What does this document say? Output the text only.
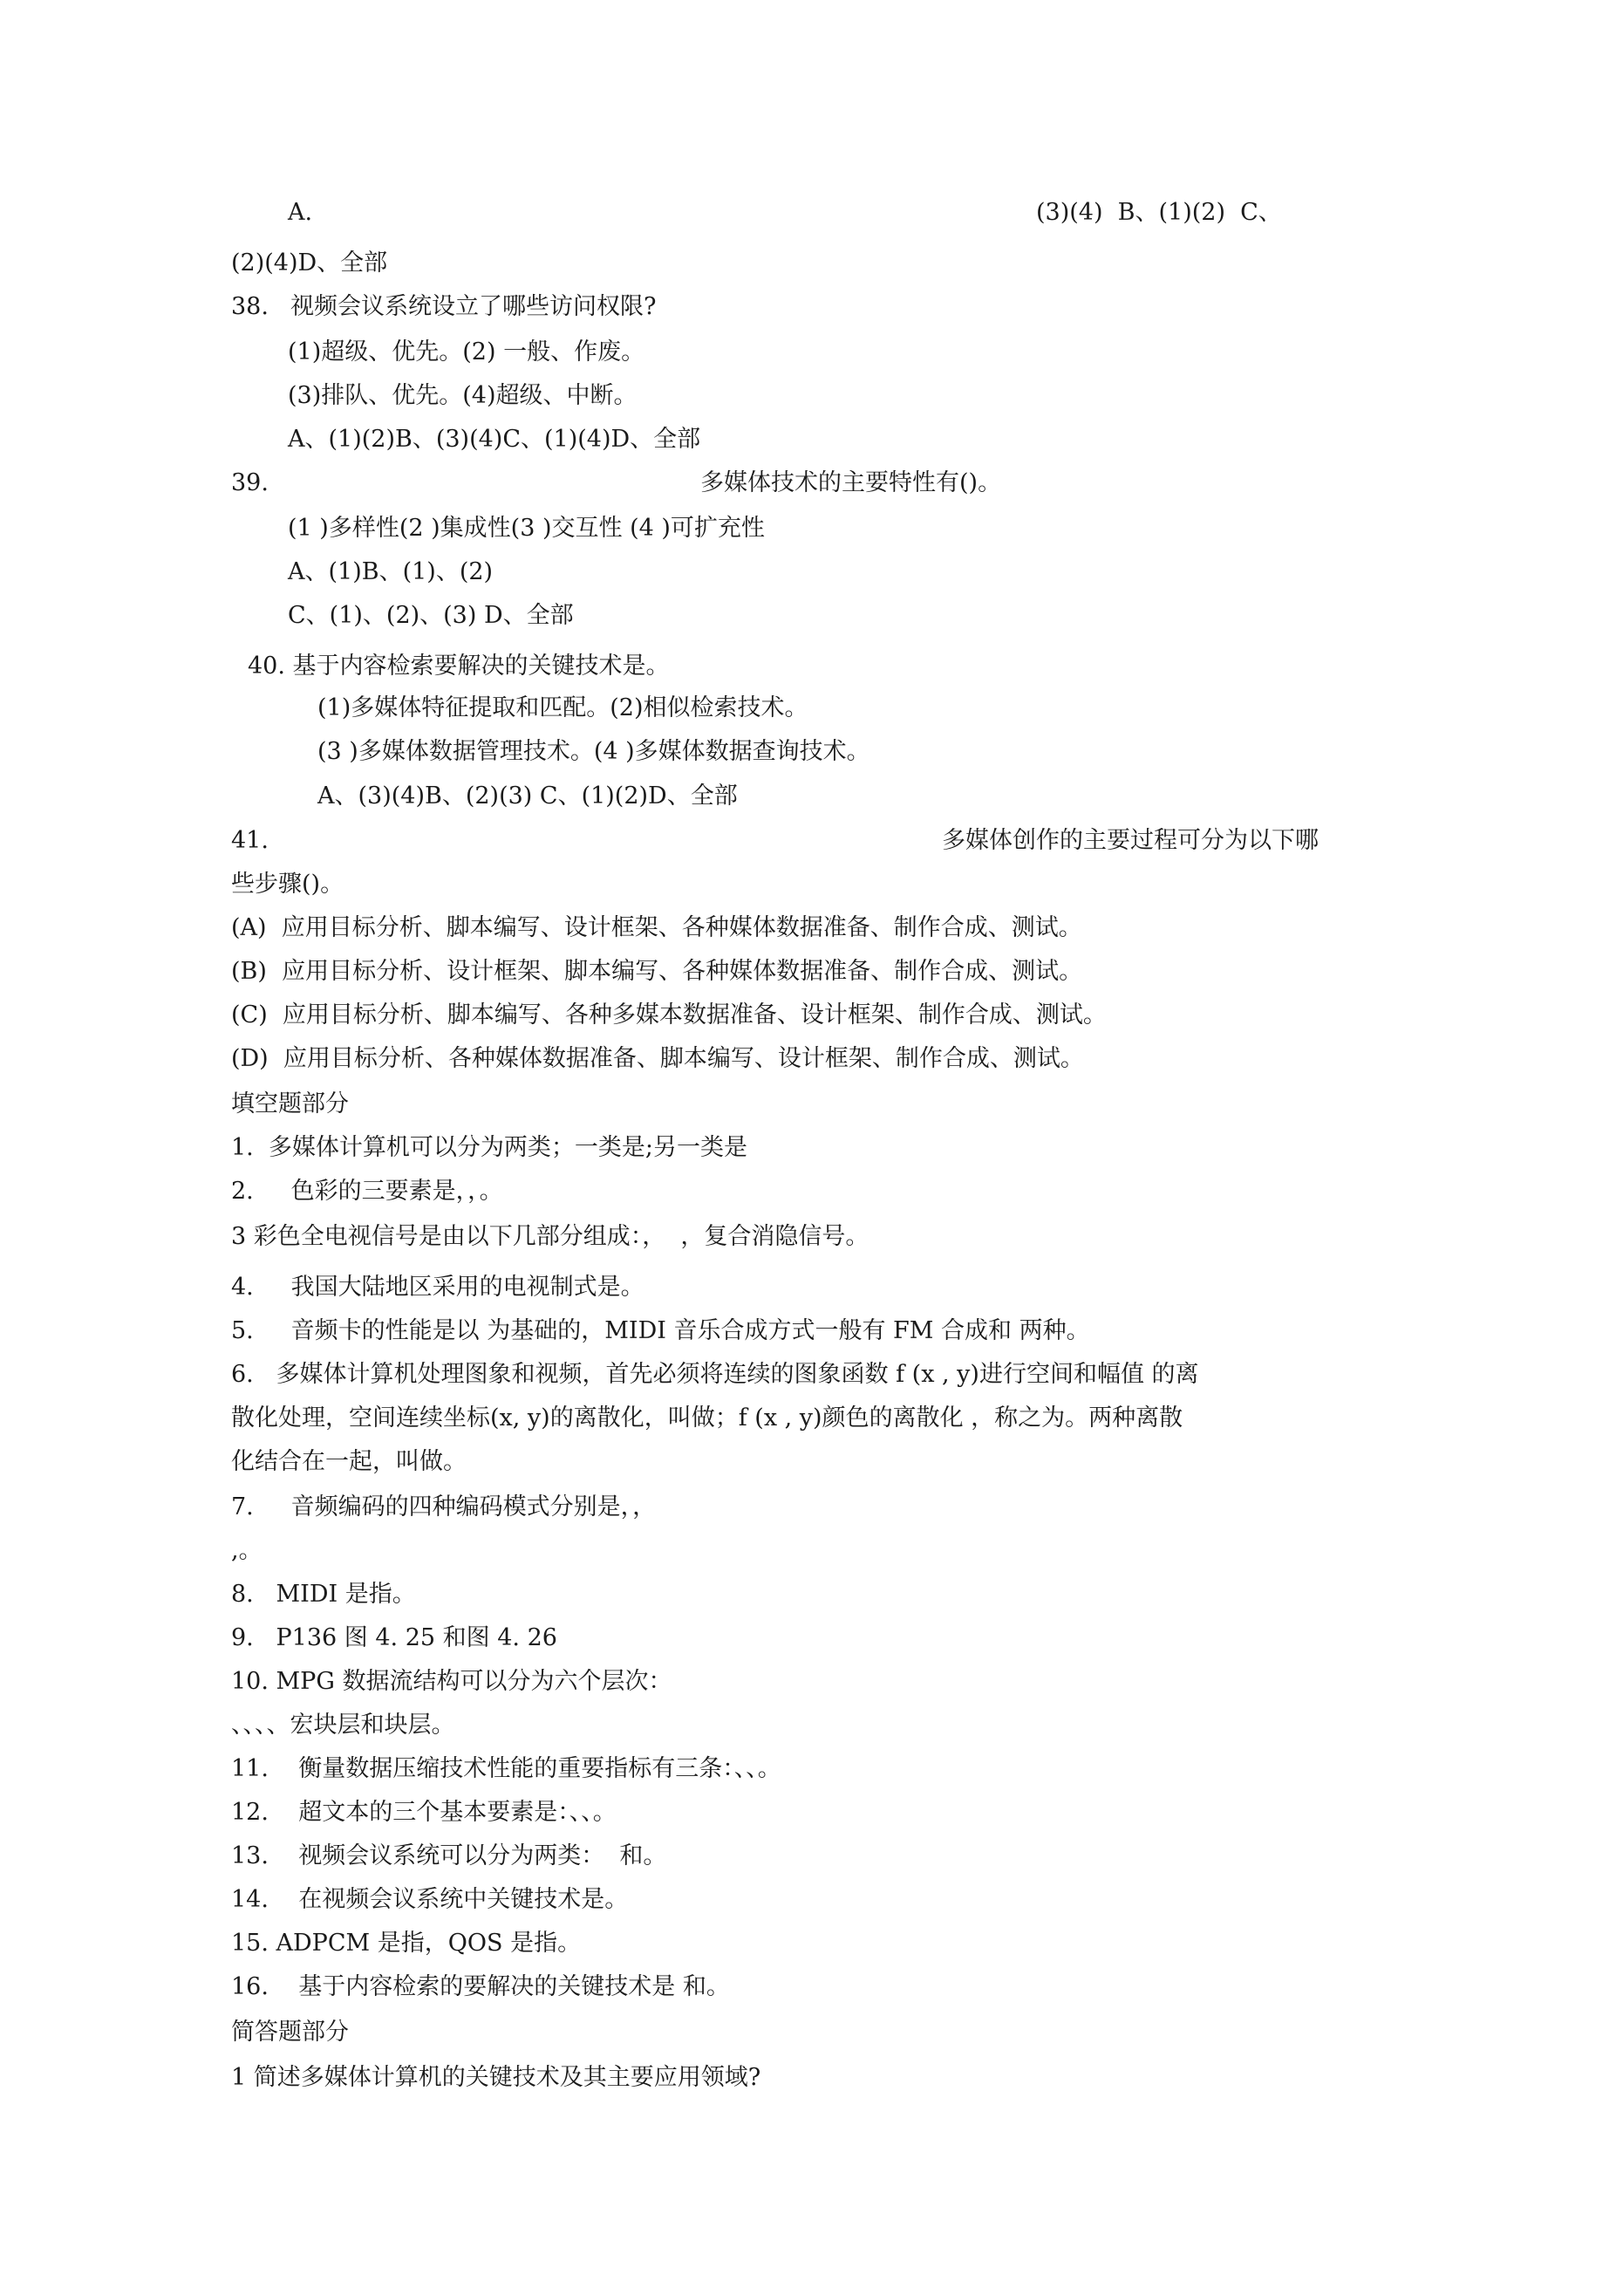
A.	(3)(4)  B、(1)(2)  C、
(2)(4)D、全部
38. 视频会议系统设立了哪些访问权限?
(1)超级、优先。(2) 一般、作废。
(3)排队、优先。(4)超级、中断。
A、(1)(2)B、(3)(4)C、(1)(4)D、全部
39.	多媒体技术的主要特性有()。
(1 )多样性(2 )集成性(3 )交互性 (4 )可扩充性
A、(1)B、(1)、(2)
C、(1)、(2)、(3) D、全部
40. 基于内容检索要解决的关键技术是。
(1)多媒体特征提取和匹配。(2)相似检索技术。
(3 )多媒体数据管理技术。(4 )多媒体数据查询技术。
A、(3)(4)B、(2)(3) C、(1)(2)D、全部
41.	多媒体创作的主要过程可分为以下哪
些步骤()。
(A)  应用目标分析、脚本编写、设计框架、各种媒体数据准备、制作合成、测试。
(B)  应用目标分析、设计框架、脚本编写、各种媒体数据准备、制作合成、测试。
(C)  应用目标分析、脚本编写、各种多媒本数据准备、设计框架、制作合成、测试。
(D)  应用目标分析、各种媒体数据准备、脚本编写、设计框架、制作合成、测试。
填空题部分
1.  多媒体计算机可以分为两类；一类是;另一类是
2.     色彩的三要素是，，。
3 彩色全电视信号是由以下几部分组成：，  ，复合消隐信号。
4.     我国大陆地区采用的电视制式是。
5.     音频卡的性能是以 为基础的，MIDI 音乐合成方式一般有 FM 合成和 两种。
6.   多媒体计算机处理图象和视频，首先必须将连续的图象函数 f (x , y)进行空间和幅值 的离
散化处理，空间连续坐标(x, y)的离散化，叫做；f (x , y)颜色的离散化 ，称之为。两种离散
化结合在一起，叫做。
7.     音频编码的四种编码模式分别是，，
,。
8.   MIDI 是指。
9.   P136 图 4. 25 和图 4. 26
10. MPG 数据流结构可以分为六个层次：
、、、、宏块层和块层。
11.    衡量数据压缩技术性能的重要指标有三条：、、。
12.    超文本的三个基本要素是：、、。
13.    视频会议系统可以分为两类：  和。
14.    在视频会议系统中关键技术是。
15. ADPCM 是指，QOS 是指。
16.    基于内容检索的要解决的关键技术是 和。
简答题部分
1 简述多媒体计算机的关键技术及其主要应用领域?
